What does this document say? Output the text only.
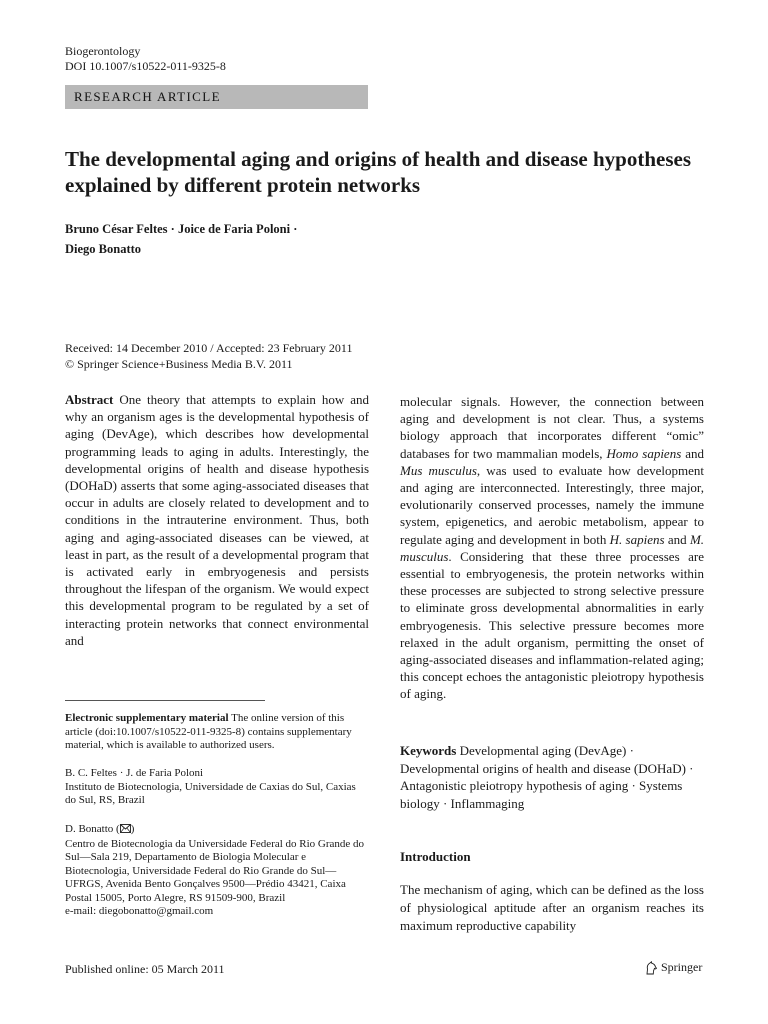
Biogerontology
DOI 10.1007/s10522-011-9325-8
RESEARCH ARTICLE
The developmental aging and origins of health and disease hypotheses explained by different protein networks
Bruno César Feltes · Joice de Faria Poloni ·
Diego Bonatto
Received: 14 December 2010 / Accepted: 23 February 2011
© Springer Science+Business Media B.V. 2011
Abstract One theory that attempts to explain how and why an organism ages is the developmental hypothesis of aging (DevAge), which describes how developmental programming leads to aging in adults. Interestingly, the developmental origins of health and disease hypothesis (DOHaD) asserts that some aging-associated diseases that occur in adults are closely related to development and to conditions in the intrauterine environment. Thus, both aging and aging-associated diseases can be viewed, at least in part, as the result of a developmental program that is activated early in embryogenesis and persists throughout the lifespan of the organism. We would expect this developmental program to be regulated by a set of interacting protein networks that connect environmental and
molecular signals. However, the connection between aging and development is not clear. Thus, a systems biology approach that incorporates different “omic” databases for two mammalian models, Homo sapiens and Mus musculus, was used to evaluate how development and aging are interconnected. Interestingly, three major, evolutionarily conserved processes, namely the immune system, epigenetics, and aerobic metabolism, appear to regulate aging and development in both H. sapiens and M. musculus. Considering that these three processes are essential to embryogenesis, the protein networks within these processes are subjected to strong selective pressure to eliminate gross developmental abnormalities in early embryogenesis. This selective pressure becomes more relaxed in the adult organism, permitting the onset of aging-associated diseases and inflammation-related aging; this concept echoes the antagonistic pleiotropy hypothesis of aging.
Electronic supplementary material The online version of this article (doi:10.1007/s10522-011-9325-8) contains supplementary material, which is available to authorized users.
B. C. Feltes · J. de Faria Poloni
Instituto de Biotecnologia, Universidade de Caxias do Sul, Caxias do Sul, RS, Brazil
D. Bonatto ( )
Centro de Biotecnologia da Universidade Federal do Rio Grande do Sul—Sala 219, Departamento de Biologia Molecular e Biotecnologia, Universidade Federal do Rio Grande do Sul—UFRGS, Avenida Bento Gonçalves 9500—Prédio 43421, Caixa Postal 15005, Porto Alegre, RS 91509-900, Brazil
e-mail: diegobonatto@gmail.com
Keywords Developmental aging (DevAge) · Developmental origins of health and disease (DOHaD) · Antagonistic pleiotropy hypothesis of aging · Systems biology · Inflammaging
Introduction
The mechanism of aging, which can be defined as the loss of physiological aptitude after an organism reaches its maximum reproductive capability
Published online: 05 March 2011	Springer
